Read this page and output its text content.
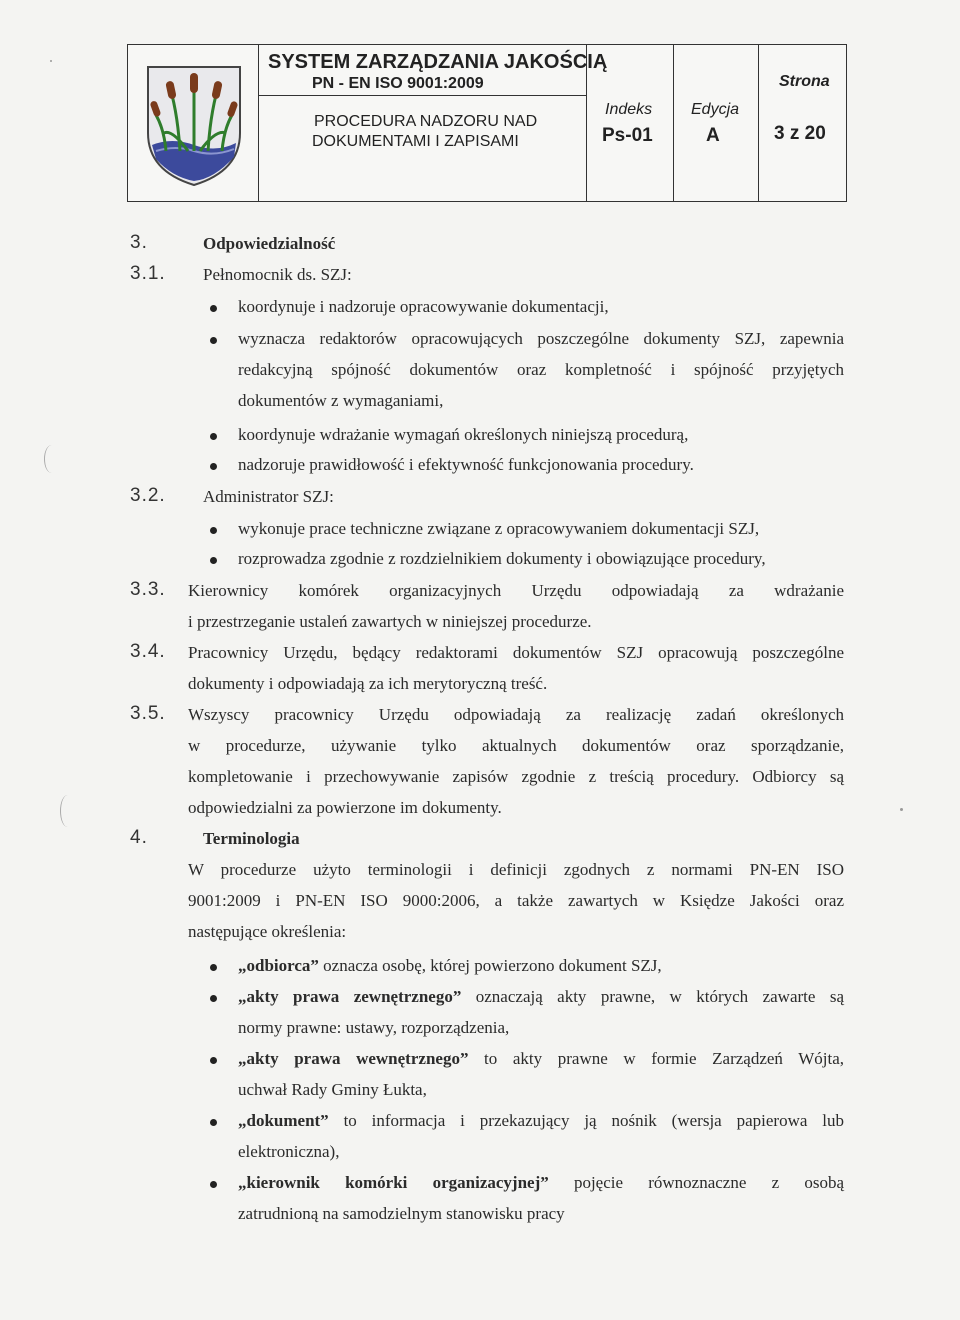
SYSTEM ZARZĄDZANIA JAKOŚCIĄ
PN - EN ISO 9001:2009
PROCEDURA NADZORU NAD
DOKUMENTAMI I ZAPISAMI
Indeks
Ps-01
Edycja
A
Strona
3 z 20
3.	Odpowiedzialność
3.1. Pełnomocnik ds. SZJ:
koordynuje i nadzoruje opracowywanie dokumentacji,
wyznacza redaktorów opracowujących poszczególne dokumenty SZJ, zapewnia
redakcyjną spójność dokumentów oraz kompletność i spójność przyjętych
dokumentów z wymaganiami,
koordynuje wdrażanie wymagań określonych niniejszą procedurą,
nadzoruje prawidłowość i efektywność funkcjonowania procedury.
3.2. Administrator SZJ:
wykonuje prace techniczne związane z opracowywaniem dokumentacji SZJ,
rozprowadza zgodnie z rozdzielnikiem dokumenty i obowiązujące procedury,
3.3. Kierownicy komórek organizacyjnych Urzędu odpowiadają za wdrażanie
i przestrzeganie ustaleń zawartych w niniejszej procedurze.
3.4. Pracownicy Urzędu, będący redaktorami dokumentów SZJ opracowują poszczególne
dokumenty i odpowiadają za ich merytoryczną treść.
3.5. Wszyscy pracownicy Urzędu odpowiadają za realizację zadań określonych
w procedurze, używanie tylko aktualnych dokumentów oraz sporządzanie,
kompletowanie i przechowywanie zapisów zgodnie z treścią procedury. Odbiorcy są
odpowiedzialni za powierzone im dokumenty.
4.	Terminologia
W procedurze użyto terminologii i definicji zgodnych z normami PN-EN ISO
9001:2009 i PN-EN ISO 9000:2006, a także zawartych w Księdze Jakości oraz
następujące określenia:
„odbiorca” oznacza osobę, której powierzono dokument SZJ,
„akty prawa zewnętrznego” oznaczają akty prawne, w których zawarte są
normy prawne: ustawy, rozporządzenia,
„akty prawa wewnętrznego” to akty prawne w formie Zarządzeń Wójta,
uchwał Rady Gminy Łukta,
„dokument” to informacja i przekazujący ją nośnik (wersja papierowa lub
elektroniczna),
„kierownik komórki organizacyjnej” pojęcie równoznaczne z osobą
zatrudnioną na samodzielnym stanowisku pracy
